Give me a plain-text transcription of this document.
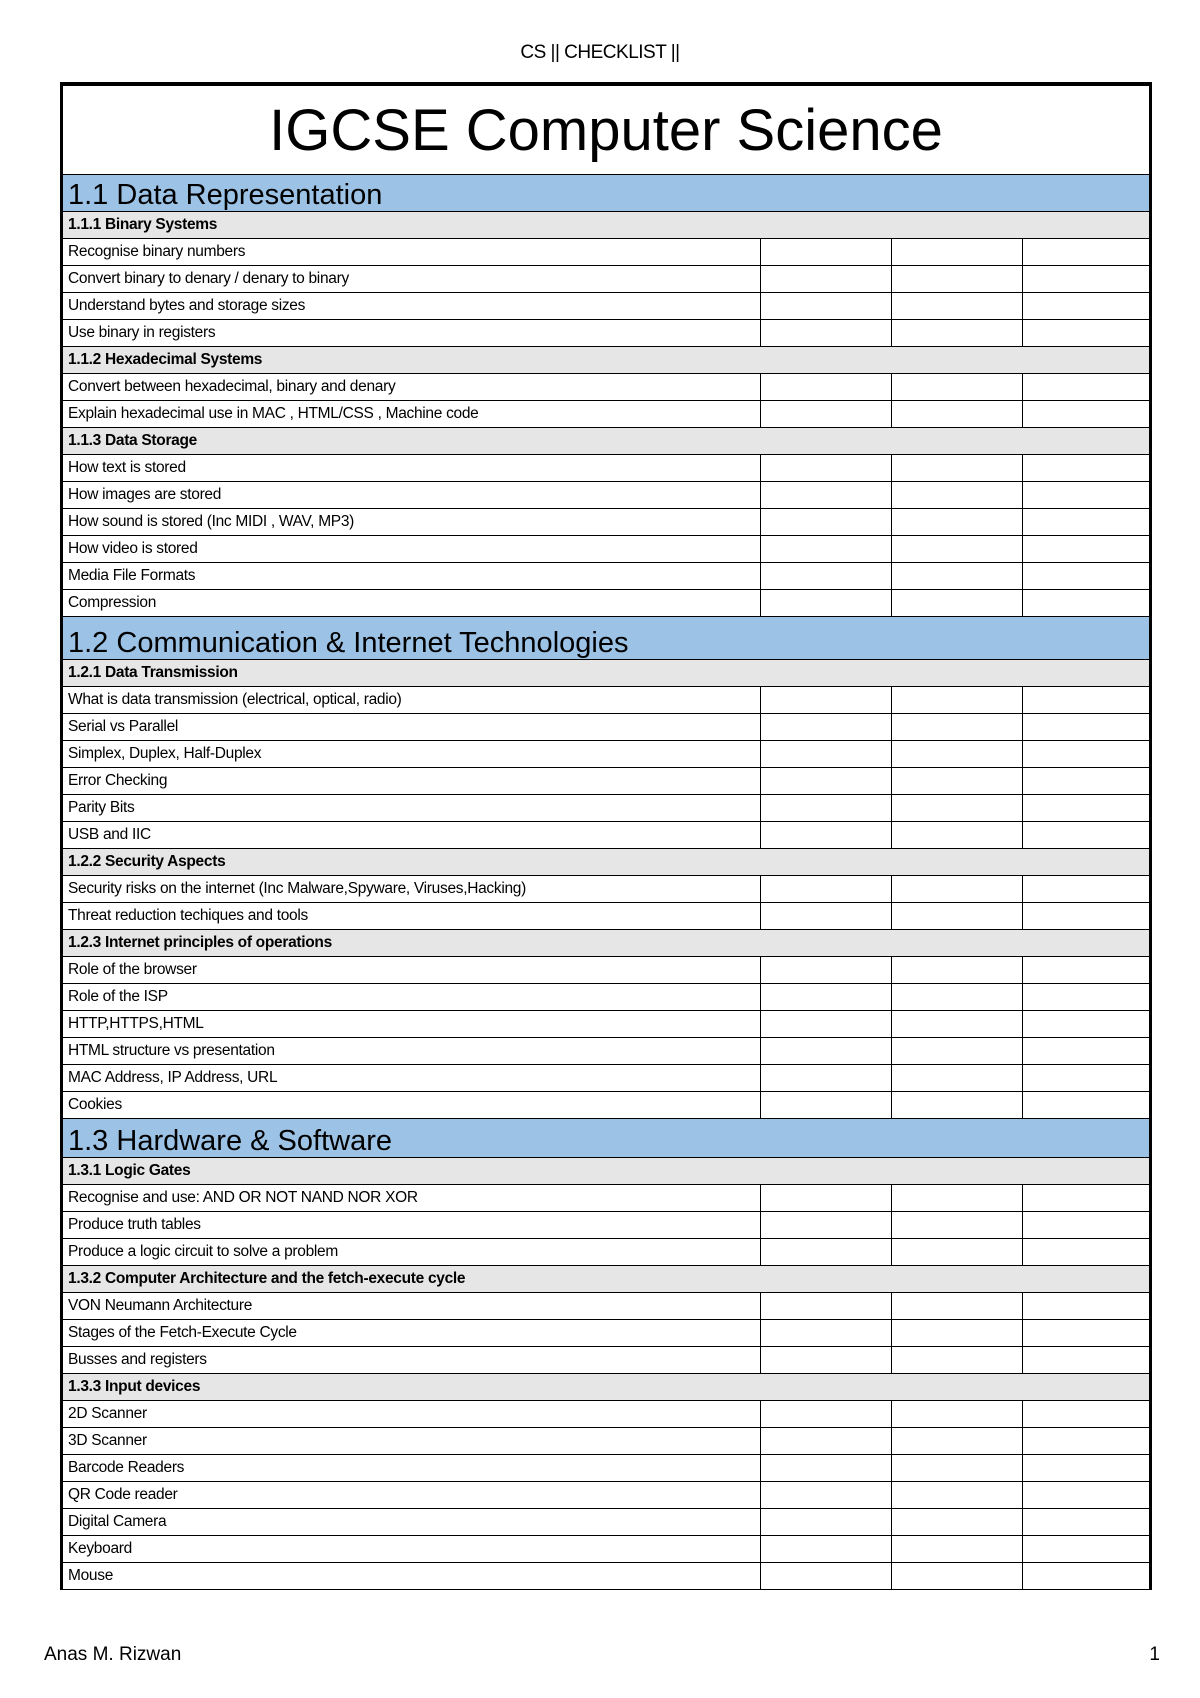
CS || CHECKLIST ||
IGCSE Computer Science
1.1 Data Representation
1.1.1 Binary Systems
Recognise binary numbers
Convert binary to denary / denary to binary
Understand bytes and storage sizes
Use binary in registers
1.1.2 Hexadecimal Systems
Convert between hexadecimal, binary and denary
Explain hexadecimal use in MAC , HTML/CSS , Machine code
1.1.3 Data Storage
How text is stored
How images are stored
How sound is stored (Inc MIDI , WAV, MP3)
How video is stored
Media File Formats
Compression
1.2 Communication & Internet Technologies
1.2.1 Data Transmission
What is data transmission (electrical, optical, radio)
Serial vs Parallel
Simplex, Duplex, Half-Duplex
Error Checking
Parity Bits
USB and IIC
1.2.2 Security Aspects
Security risks on the internet (Inc Malware,Spyware, Viruses,Hacking)
Threat reduction techiques and tools
1.2.3 Internet principles of operations
Role of the browser
Role of the ISP
HTTP,HTTPS,HTML
HTML structure vs presentation
MAC Address, IP Address, URL
Cookies
1.3 Hardware & Software
1.3.1 Logic Gates
Recognise and use: AND OR NOT NAND NOR XOR
Produce truth tables
Produce a logic circuit to solve a problem
1.3.2 Computer Architecture and the fetch-execute cycle
VON Neumann Architecture
Stages of the Fetch-Execute Cycle
Busses and registers
1.3.3 Input devices
2D Scanner
3D Scanner
Barcode Readers
QR Code reader
Digital Camera
Keyboard
Mouse
Anas M. Rizwan	1
